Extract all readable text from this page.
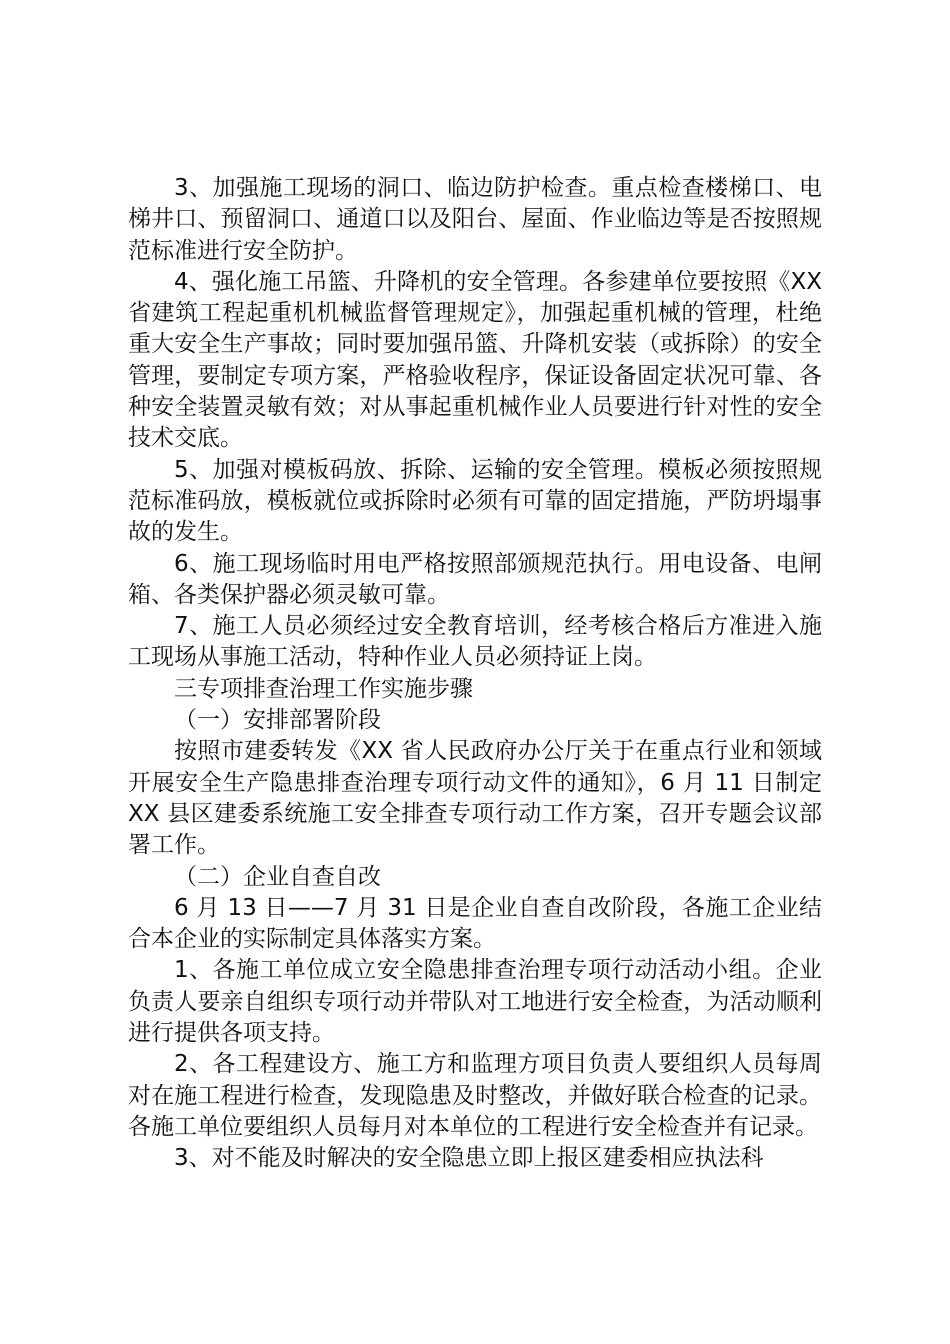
3、加强施工现场的洞口、临边防护检查。重点检查楼梯口、电梯井口、预留洞口、通道口以及阳台、屋面、作业临边等是否按照规范标准进行安全防护。

4、强化施工吊篮、升降机的安全管理。各参建单位要按照《XX 省建筑工程起重机机械监督管理规定》，加强起重机械的管理，杜绝重大安全生产事故；同时要加强吊篮、升降机安装（或拆除）的安全管理，要制定专项方案，严格验收程序，保证设备固定状况可靠、各种安全装置灵敏有效；对从事起重机械作业人员要进行针对性的安全技术交底。

5、加强对模板码放、拆除、运输的安全管理。模板必须按照规范标准码放，模板就位或拆除时必须有可靠的固定措施，严防坍塌事故的发生。

6、施工现场临时用电严格按照部颁规范执行。用电设备、电闸箱、各类保护器必须灵敏可靠。

7、施工人员必须经过安全教育培训，经考核合格后方准进入施工现场从事施工活动，特种作业人员必须持证上岗。

三专项排查治理工作实施步骤

（一）安排部署阶段

按照市建委转发《XX 省人民政府办公厅关于在重点行业和领域开展安全生产隐患排查治理专项行动文件的通知》，6 月 11 日制定 XX 县区建委系统施工安全排查专项行动工作方案，召开专题会议部署工作。

（二）企业自查自改

6 月 13 日——7 月 31 日是企业自查自改阶段，各施工企业结合本企业的实际制定具体落实方案。

1、各施工单位成立安全隐患排查治理专项行动活动小组。企业负责人要亲自组织专项行动并带队对工地进行安全检查，为活动顺利进行提供各项支持。

2、各工程建设方、施工方和监理方项目负责人要组织人员每周对在施工程进行检查，发现隐患及时整改，并做好联合检查的记录。各施工单位要组织人员每月对本单位的工程进行安全检查并有记录。

3、对不能及时解决的安全隐患立即上报区建委相应执法科
